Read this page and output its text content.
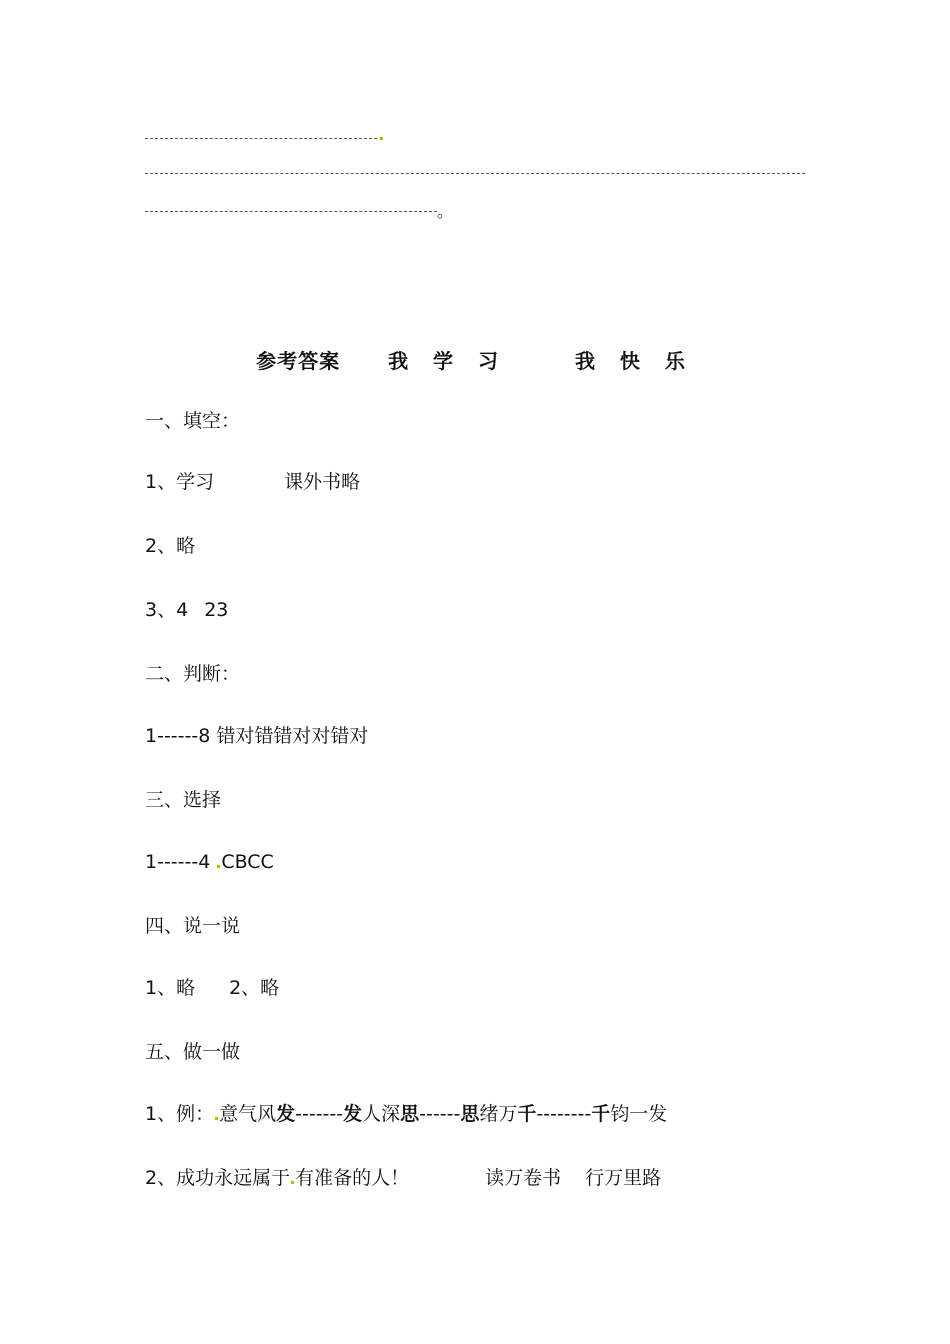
。
参考答案 我 学 习	我 快 乐
一、填空：
1、学习	课外书略
2、略
3、4 23
二、判断：
1------8 错对错错对对错对
三、选择
1------4 CBCC
四、说一说
1、略 2、略
五、做一做
1、例： 意气风发-------发人深思------思绪万千--------千钧一发
2、成功永远属于 有准备的人！	读万卷书 行万里路
